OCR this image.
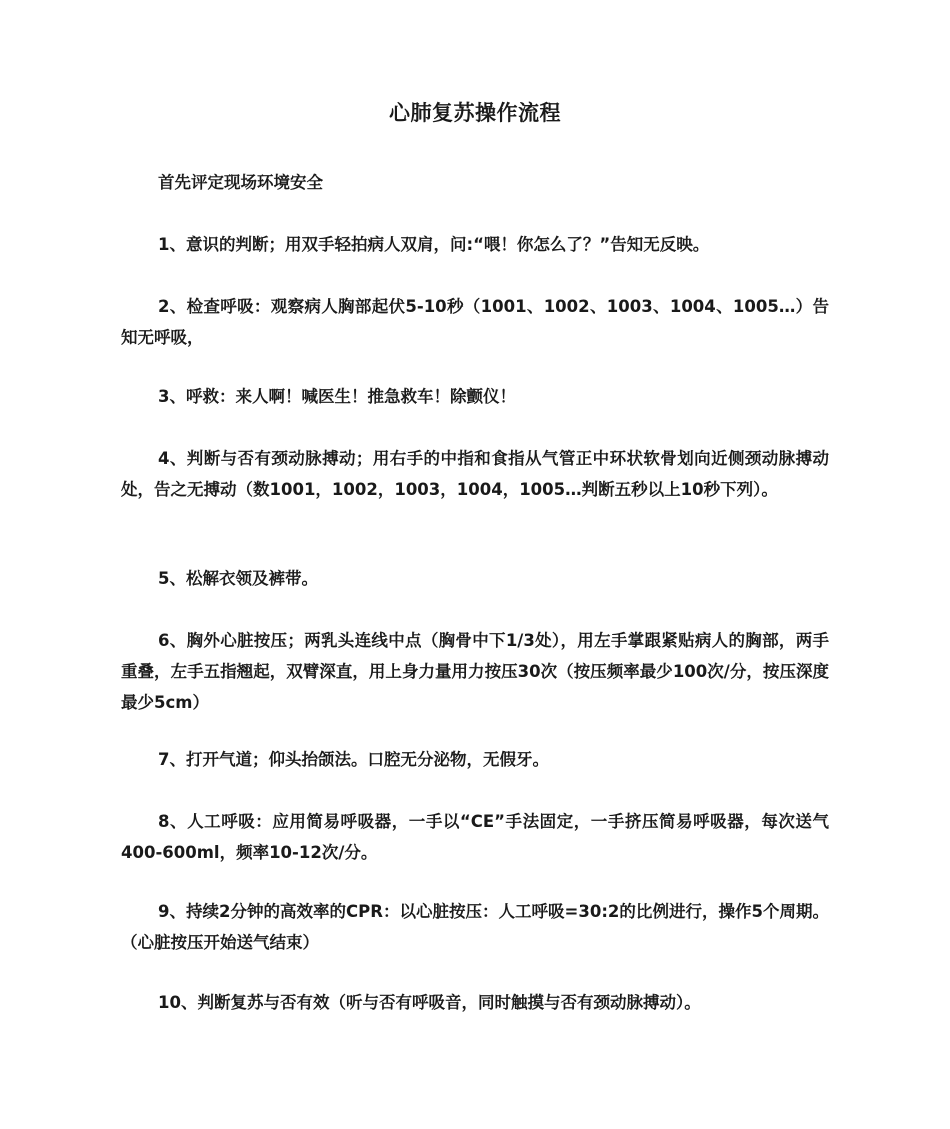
心肺复苏操作流程

首先评定现场环境安全

1、意识的判断；用双手轻拍病人双肩，问:“喂！你怎么了？”告知无反映。

2、检查呼吸：观察病人胸部起伏5-10秒（1001、1002、1003、1004、1005…）告知无呼吸，

3、呼救：来人啊！喊医生！推急救车！除颤仪！

4、判断与否有颈动脉搏动；用右手的中指和食指从气管正中环状软骨划向近侧颈动脉搏动处，告之无搏动（数1001，1002，1003，1004，1005…判断五秒以上10秒下列）。

5、松解衣领及裤带。

6、胸外心脏按压；两乳头连线中点（胸骨中下1/3处），用左手掌跟紧贴病人的胸部，两手重叠，左手五指翘起，双臂深直，用上身力量用力按压30次（按压频率最少100次/分，按压深度最少5cm）

7、打开气道；仰头抬颌法。口腔无分泌物，无假牙。

8、人工呼吸：应用简易呼吸器，一手以“CE”手法固定，一手挤压简易呼吸器，每次送气400-600ml，频率10-12次/分。

9、持续2分钟的高效率的CPR：以心脏按压：人工呼吸=30:2的比例进行，操作5个周期。（心脏按压开始送气结束）

10、判断复苏与否有效（听与否有呼吸音，同时触摸与否有颈动脉搏动）。
